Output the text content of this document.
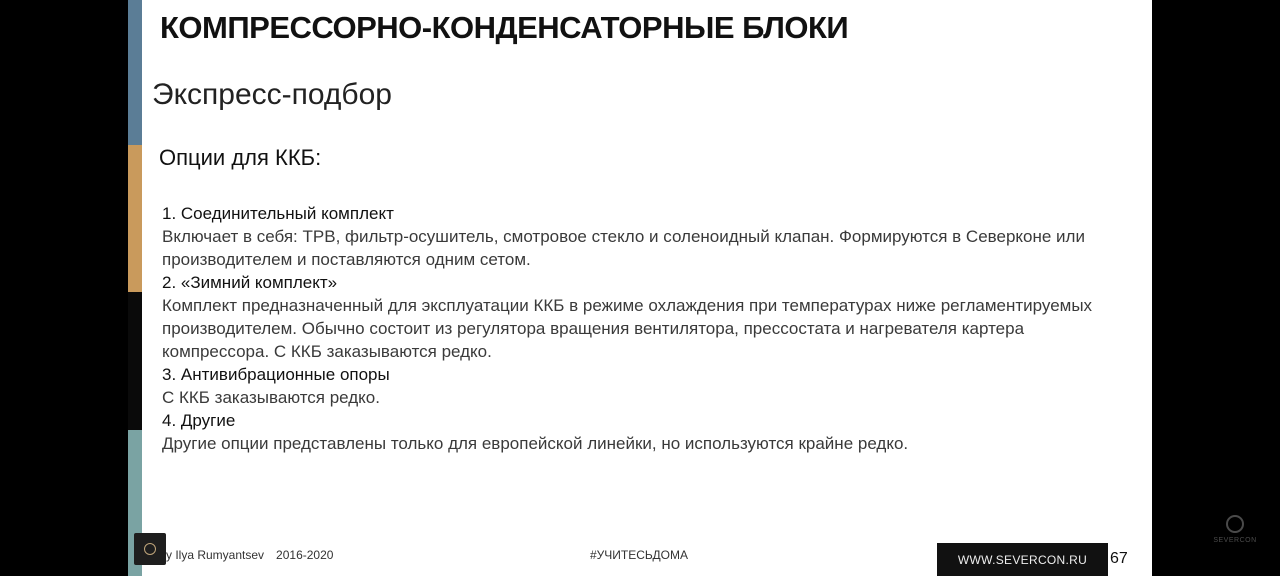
КОМПРЕССОРНО-КОНДЕНСАТОРНЫЕ БЛОКИ
Экспресс-подбор
Опции для ККБ:
1. Соединительный комплект
Включает в себя: ТРВ, фильтр-осушитель, смотровое стекло и соленоидный клапан. Формируются в Северконе или производителем и поставляются одним сетом.
2. «Зимний комплект»
Комплект предназначенный для эксплуатации ККБ в режиме охлаждения при температурах ниже регламентируемых производителем. Обычно состоит из регулятора вращения вентилятора, прессостата и нагревателя картера компрессора. С ККБ заказываются редко.
3. Антивибрационные опоры
С ККБ заказываются редко.
4. Другие
Другие опции представлены только для европейской линейки, но используются крайне редко.
y Ilya Rumyantsev 2016-2020	#УЧИТЕСЬДОМА	WWW.SEVERCON.RU	67
SEVERCON
